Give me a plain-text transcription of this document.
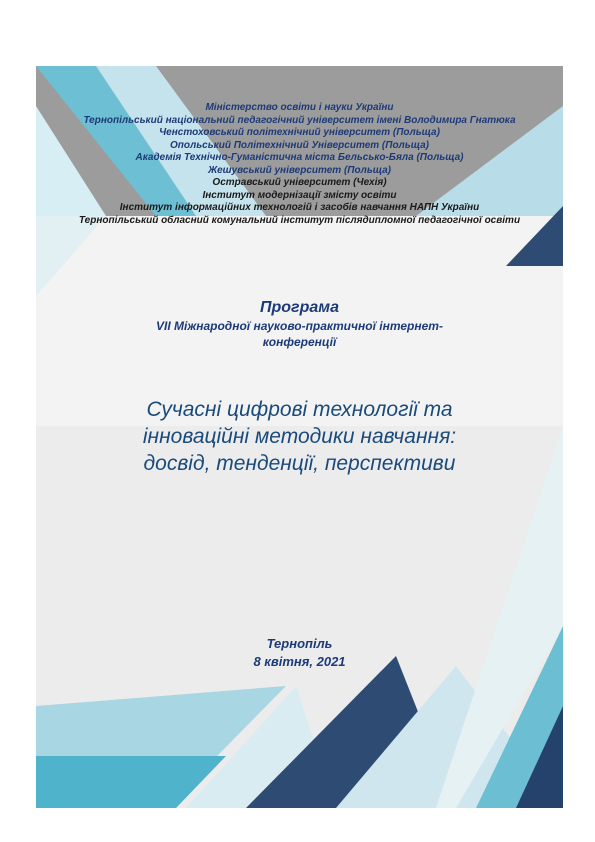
Міністерство освіти і науки України
Тернопільський національний педагогічний університет імені Володимира Гнатюка
Ченстоховський політехнічний університет (Польща)
Опольський Політехнічний Університет (Польща)
Академія Технічно-Гуманістична міста Бельсько-Бяла (Польща)
Жешувський університет (Польща)
Остравський університет (Чехія)
Інститут модернізації змісту освіти
Інститут інформаційних технологій і засобів навчання НАПН України
Тернопільський обласний комунальний інститут післядипломної педагогічної освіти
Програма
VII Міжнародної науково-практичної інтернет-
конференції
Сучасні цифрові технології та
інноваційні методики навчання:
досвід, тенденції, перспективи
Тернопіль
8 квітня, 2021
